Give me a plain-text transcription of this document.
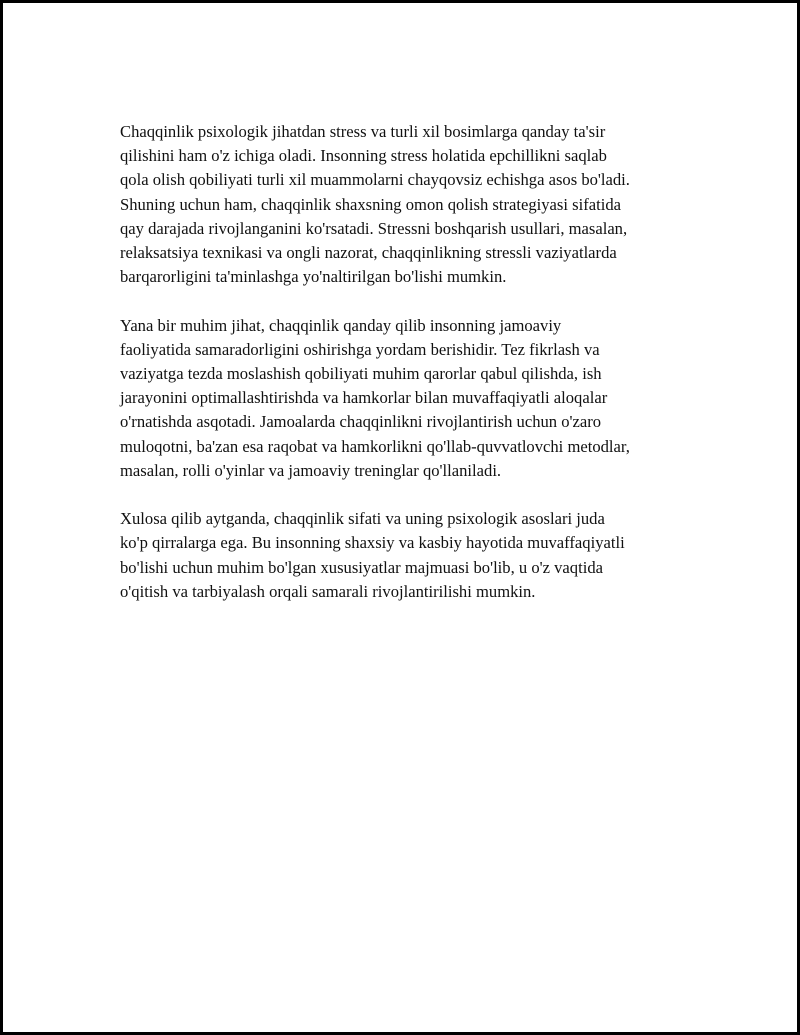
Chaqqinlik psixologik jihatdan stress va turli xil bosimlarga qanday ta'sir
qilishini ham o'z ichiga oladi. Insonning stress holatida epchillikni saqlab
qola olish qobiliyati turli xil muammolarni chayqovsiz echishga asos bo'ladi.
Shuning uchun ham, chaqqinlik shaxsning omon qolish strategiyasi sifatida
qay darajada rivojlanganini ko'rsatadi. Stressni boshqarish usullari, masalan,
relaksatsiya texnikasi va ongli nazorat, chaqqinlikning stressli vaziyatlarda
barqarorligini ta'minlashga yo'naltirilgan bo'lishi mumkin.

Yana bir muhim jihat, chaqqinlik qanday qilib insonning jamoaviy
faoliyatida samaradorligini oshirishga yordam berishidir. Tez fikrlash va
vaziyatga tezda moslashish qobiliyati muhim qarorlar qabul qilishda, ish
jarayonini optimallashtirishda va hamkorlar bilan muvaffaqiyatli aloqalar
o'rnatishda asqotadi. Jamoalarda chaqqinlikni rivojlantirish uchun o'zaro
muloqotni, ba'zan esa raqobat va hamkorlikni qo'llab-quvvatlovchi metodlar,
masalan, rolli o'yinlar va jamoaviy treninglar qo'llaniladi.

Xulosa qilib aytganda, chaqqinlik sifati va uning psixologik asoslari juda
ko'p qirralarga ega. Bu insonning shaxsiy va kasbiy hayotida muvaffaqiyatli
bo'lishi uchun muhim bo'lgan xususiyatlar majmuasi bo'lib, u o'z vaqtida
o'qitish va tarbiyalash orqali samarali rivojlantirilishi mumkin.
